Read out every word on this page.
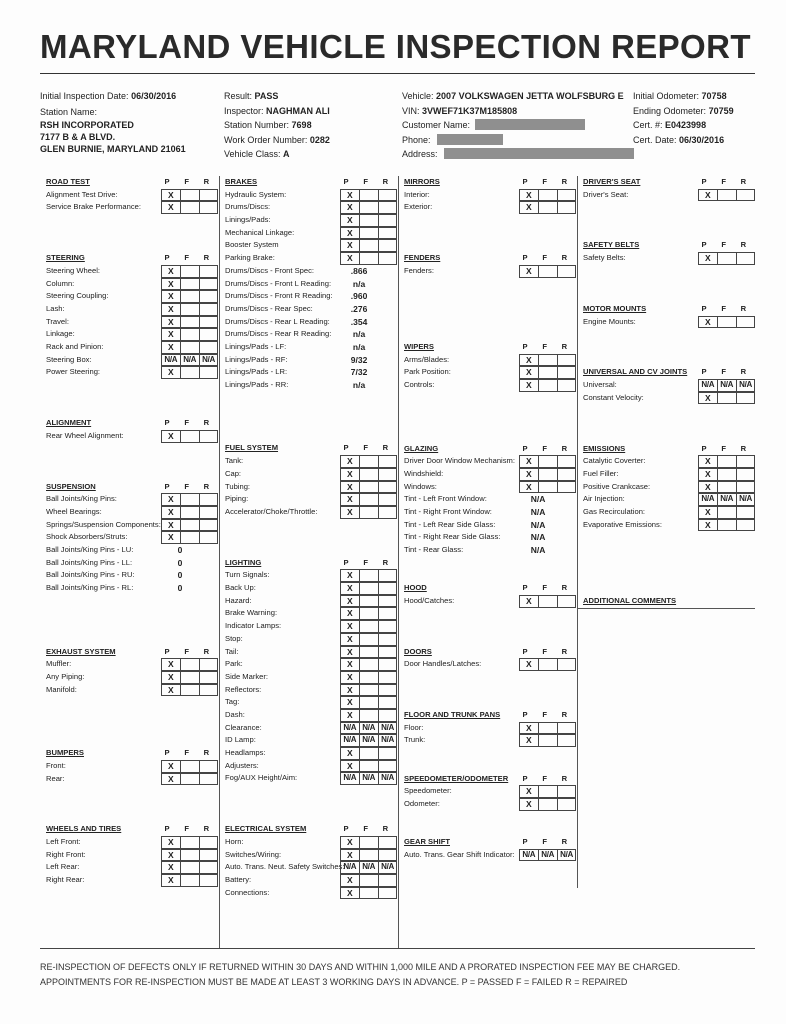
MARYLAND VEHICLE INSPECTION REPORT
Initial Inspection Date: 06/30/2016
Station Name:
RSH INCORPORATED
7177 B & A BLVD.
GLEN BURNIE, MARYLAND 21061
Result: PASS
Inspector: NAGHMAN ALI
Station Number: 7698
Work Order Number: 0282
Vehicle Class: A
Vehicle: 2007 VOLKSWAGEN JETTA WOLFSBURG E
VIN: 3VWEF71K37M185808
Customer Name:
Phone:
Address:
Initial Odometer: 70758
Ending Odometer: 70759
Cert. #: E0423998
Cert. Date: 06/30/2016
ROAD TEST	P	F	R
Alignment Test Drive:	X
Service Brake Performance:	X
STEERING	P	F	R
Steering Wheel:	X
Column:	X
Steering Coupling:	X
Lash:	X
Travel:	X
Linkage:	X
Rack and Pinion:	X
Steering Box:	N/A N/A N/A
Power Steering:	X
ALIGNMENT	P	F	R
Rear Wheel Alignment:	X
SUSPENSION	P	F	R
Ball Joints/King Pins:	X
Wheel Bearings:	X
Springs/Suspension Components: X
Shock Absorbers/Struts:	X
Ball Joints/King Pins - LU:	0
Ball Joints/King Pins - LL:	0
Ball Joints/King Pins - RU:	0
Ball Joints/King Pins - RL:	0
EXHAUST SYSTEM	P	F	R
Muffler:	X
Any Piping:	X
Manifold:	X
BUMPERS	P	F	R
Front:	X
Rear:	X
WHEELS AND TIRES	P	F	R
Left Front:	X
Right Front:	X
Left Rear:	X
Right Rear:	X
BRAKES	P	F	R
Hydraulic System:	X
Drums/Discs:	X
Linings/Pads:	X
Mechanical Linkage:	X
Booster System	X
Parking Brake:	X
Drums/Discs - Front Spec:	.866
Drums/Discs - Front L Reading:	n/a
Drums/Discs - Front R Reading:	.960
Drums/Discs - Rear Spec:	.276
Drums/Discs - Rear L Reading:	.354
Drums/Discs - Rear R Reading:	n/a
Linings/Pads - LF:	n/a
Linings/Pads - RF:	9/32
Linings/Pads - LR:	7/32
Linings/Pads - RR:	n/a
FUEL SYSTEM	P	F	R
Tank:	X
Cap:	X
Tubing:	X
Piping:	X
Accelerator/Choke/Throttle:	X
LIGHTING	P	F	R
Turn Signals:	X
Back Up:	X
Hazard:	X
Brake Warning:	X
Indicator Lamps:	X
Stop:	X
Tail:	X
Park:	X
Side Marker:	X
Reflectors:	X
Tag:	X
Dash:	X
Clearance:	N/A N/A N/A
ID Lamp:	N/A N/A N/A
Headlamps:	X
Adjusters:	X
Fog/AUX Height/Aim:	N/A N/A N/A
ELECTRICAL SYSTEM	P	F	R
Horn:	X
Switches/Wiring:	X
Auto. Trans. Neut. Safety Switches:
N/A N/A N/A
Battery:	X
Connections:	X
MIRRORS	P	F	R
Interior:	X
Exterior:	X
FENDERS	P	F	R
Fenders:	X
WIPERS	P	F	R
Arms/Blades:	X
Park Position:	X
Controls:	X
GLAZING	P	F	R
Driver Door Window Mechanism:	X
Windshield:	X
Windows:	X
Tint - Left Front Window:	N/A
Tint - Right Front Window:	N/A
Tint - Left Rear Side Glass:	N/A
Tint - Right Rear Side Glass:	N/A
Tint - Rear Glass:	N/A
HOOD	P	F	R
Hood/Catches:	X
DOORS	P	F	R
Door Handles/Latches:	X
FLOOR AND TRUNK PANS	P	F	R
Floor:	X
Trunk:	X
SPEEDOMETER/ODOMETER	P	F	R
Speedometer:	X
Odometer:	X
GEAR SHIFT	P	F	R
Auto. Trans. Gear Shift Indicator: N/A N/A N/A
DRIVER'S SEAT	P	F	R
Driver's Seat:	X
SAFETY BELTS	P	F	R
Safety Belts:	X
MOTOR MOUNTS	P	F	R
Engine Mounts:	X
UNIVERSAL AND CV JOINTS	P	F	R
Universal:	N/A N/A N/A
Constant Velocity:	X
EMISSIONS	P	F	R
Catalytic Coverter:	X
Fuel Filler:	X
Positive Crankcase:	X
Air Injection:	N/A N/A N/A
Gas Recirculation:	X
Evaporative Emissions:	X
ADDITIONAL COMMENTS
RE-INSPECTION OF DEFECTS ONLY IF RETURNED WITHIN 30 DAYS AND WITHIN 1,000 MILE AND A PRORATED INSPECTION FEE MAY BE CHARGED.
APPOINTMENTS FOR RE-INSPECTION MUST BE MADE AT LEAST 3 WORKING DAYS IN ADVANCE. P = PASSED F = FAILED R = REPAIRED
